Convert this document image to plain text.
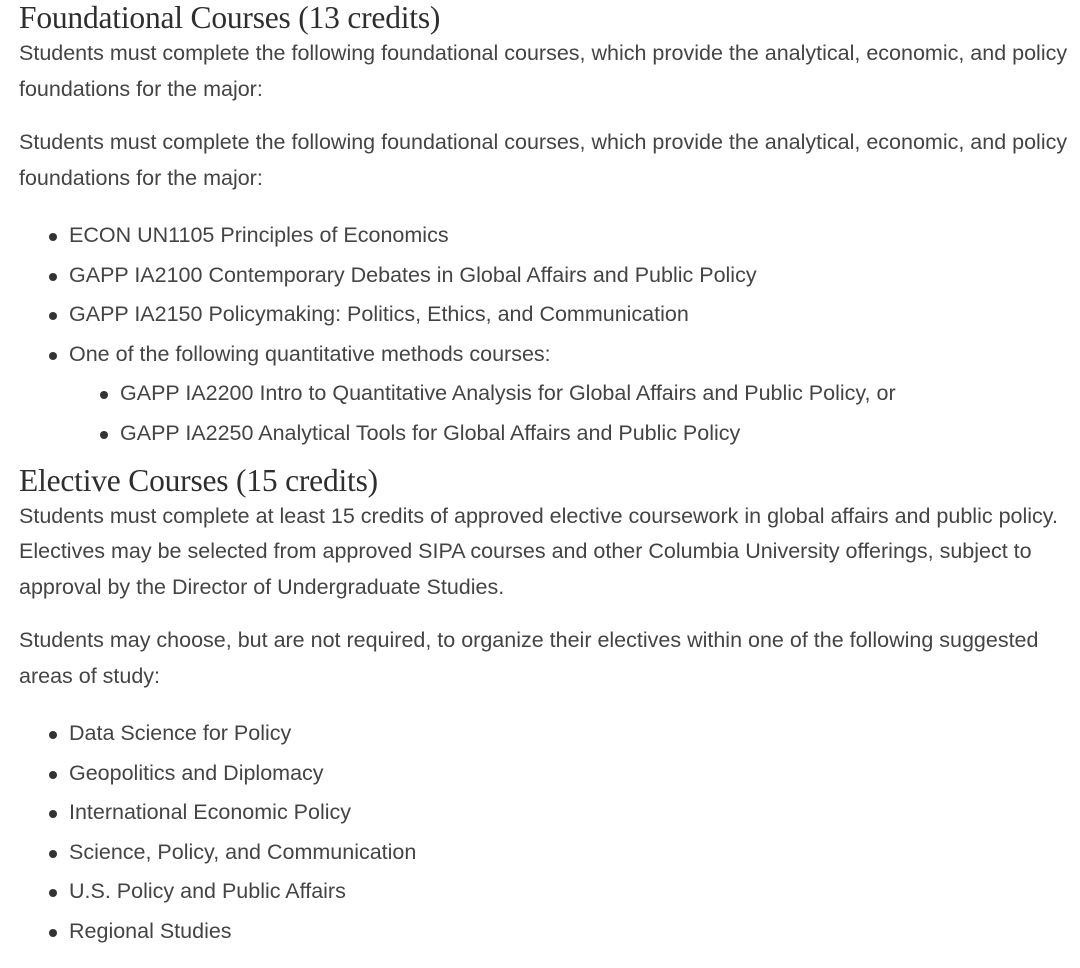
Foundational Courses (13 credits)

Students must complete the following foundational courses, which provide the analytical, economic, and policy foundations for the major:

Students must complete the following foundational courses, which provide the analytical, economic, and policy foundations for the major:

ECON UN1105 Principles of Economics
GAPP IA2100 Contemporary Debates in Global Affairs and Public Policy
GAPP IA2150 Policymaking: Politics, Ethics, and Communication
One of the following quantitative methods courses:
GAPP IA2200 Intro to Quantitative Analysis for Global Affairs and Public Policy, or
GAPP IA2250 Analytical Tools for Global Affairs and Public Policy
Elective Courses (15 credits)

Students must complete at least 15 credits of approved elective coursework in global affairs and public policy. Electives may be selected from approved SIPA courses and other Columbia University offerings, subject to approval by the Director of Undergraduate Studies.

Students may choose, but are not required, to organize their electives within one of the following suggested areas of study:

Data Science for Policy
Geopolitics and Diplomacy
International Economic Policy
Science, Policy, and Communication
U.S. Policy and Public Affairs
Regional Studies
